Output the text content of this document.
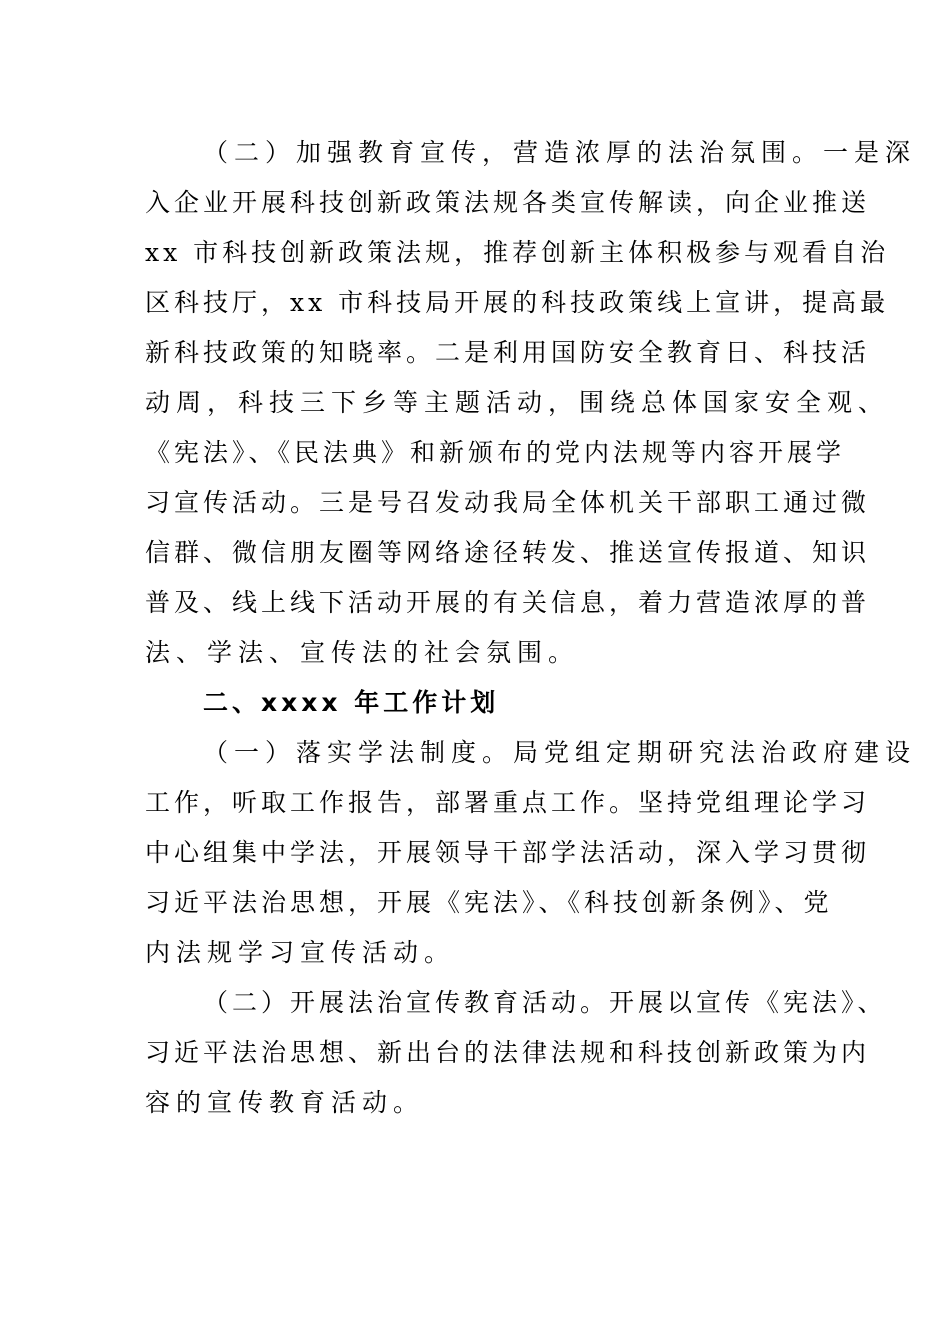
（二）加强教育宣传，营造浓厚的法治氛围。一是深
入企业开展科技创新政策法规各类宣传解读，向企业推送
xx 市科技创新政策法规，推荐创新主体积极参与观看自治
区科技厅，xx 市科技局开展的科技政策线上宣讲，提高最
新科技政策的知晓率。二是利用国防安全教育日、科技活
动周，科技三下乡等主题活动，围绕总体国家安全观、
《宪法》、《民法典》和新颁布的党内法规等内容开展学
习宣传活动。三是号召发动我局全体机关干部职工通过微
信群、微信朋友圈等网络途径转发、推送宣传报道、知识
普及、线上线下活动开展的有关信息，着力营造浓厚的普
法、学法、宣传法的社会氛围。
二、xxxx 年工作计划
（一）落实学法制度。局党组定期研究法治政府建设
工作，听取工作报告，部署重点工作。坚持党组理论学习
中心组集中学法，开展领导干部学法活动，深入学习贯彻
习近平法治思想，开展《宪法》、《科技创新条例》、党
内法规学习宣传活动。
（二）开展法治宣传教育活动。开展以宣传《宪法》、
习近平法治思想、新出台的法律法规和科技创新政策为内
容的宣传教育活动。
